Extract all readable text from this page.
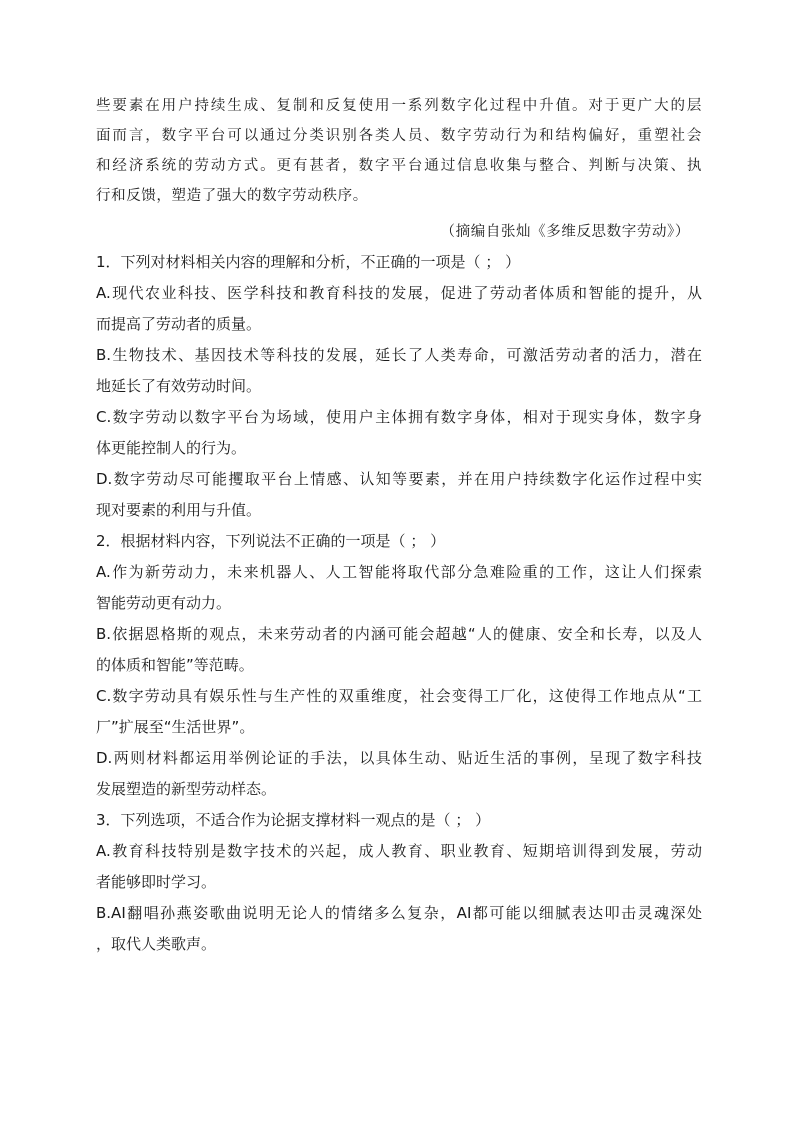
些要素在用户持续生成、复制和反复使用一系列数字化过程中升值。对于更广大的层
面而言，数字平台可以通过分类识别各类人员、数字劳动行为和结构偏好，重塑社会
和经济系统的劳动方式。更有甚者，数字平台通过信息收集与整合、判断与决策、执
行和反馈，塑造了强大的数字劳动秩序。
（摘编自张灿《多维反思数字劳动》）
1．下列对材料相关内容的理解和分析，不正确的一项是（ ； ）
A.现代农业科技、医学科技和教育科技的发展，促进了劳动者体质和智能的提升，从
而提高了劳动者的质量。
B.生物技术、基因技术等科技的发展，延长了人类寿命，可激活劳动者的活力，潜在
地延长了有效劳动时间。
C.数字劳动以数字平台为场域，使用户主体拥有数字身体，相对于现实身体，数字身
体更能控制人的行为。
D.数字劳动尽可能攫取平台上情感、认知等要素，并在用户持续数字化运作过程中实
现对要素的利用与升值。
2．根据材料内容，下列说法不正确的一项是（ ； ）
A.作为新劳动力，未来机器人、人工智能将取代部分急难险重的工作，这让人们探索
智能劳动更有动力。
B.依据恩格斯的观点，未来劳动者的内涵可能会超越“人的健康、安全和长寿，以及人
的体质和智能”等范畴。
C.数字劳动具有娱乐性与生产性的双重维度，社会变得工厂化，这使得工作地点从“工
厂”扩展至“生活世界”。
D.两则材料都运用举例论证的手法，以具体生动、贴近生活的事例，呈现了数字科技
发展塑造的新型劳动样态。
3．下列选项，不适合作为论据支撑材料一观点的是（ ； ）
A.教育科技特别是数字技术的兴起，成人教育、职业教育、短期培训得到发展，劳动
者能够即时学习。
B.AI翻唱孙燕姿歌曲说明无论人的情绪多么复杂，AI都可能以细腻表达叩击灵魂深处
，取代人类歌声。
